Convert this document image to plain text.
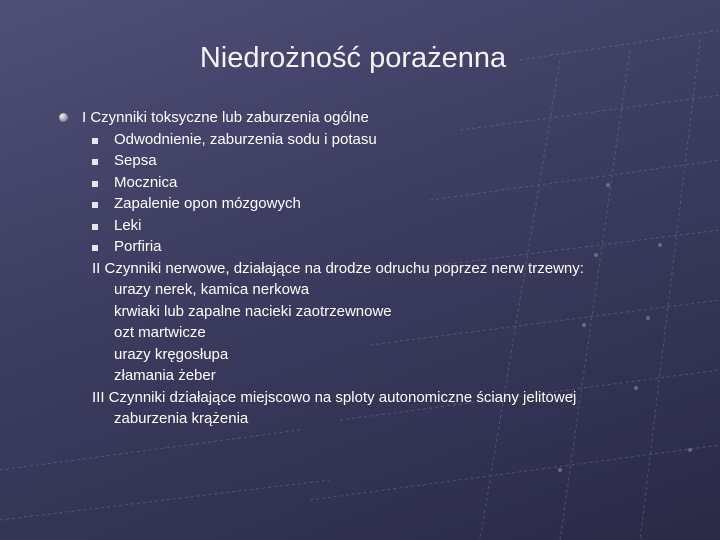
Niedrożność porażenna
I Czynniki toksyczne lub zaburzenia ogólne
Odwodnienie, zaburzenia sodu i potasu
Sepsa
Mocznica
Zapalenie opon mózgowych
Leki
Porfiria
II Czynniki nerwowe, działające na drodze odruchu poprzez nerw trzewny:
urazy nerek, kamica nerkowa
krwiaki lub zapalne nacieki zaotrzewnowe
ozt martwicze
urazy kręgosłupa
złamania żeber
III Czynniki działające miejscowo na sploty autonomiczne ściany jelitowej
zaburzenia krążenia
